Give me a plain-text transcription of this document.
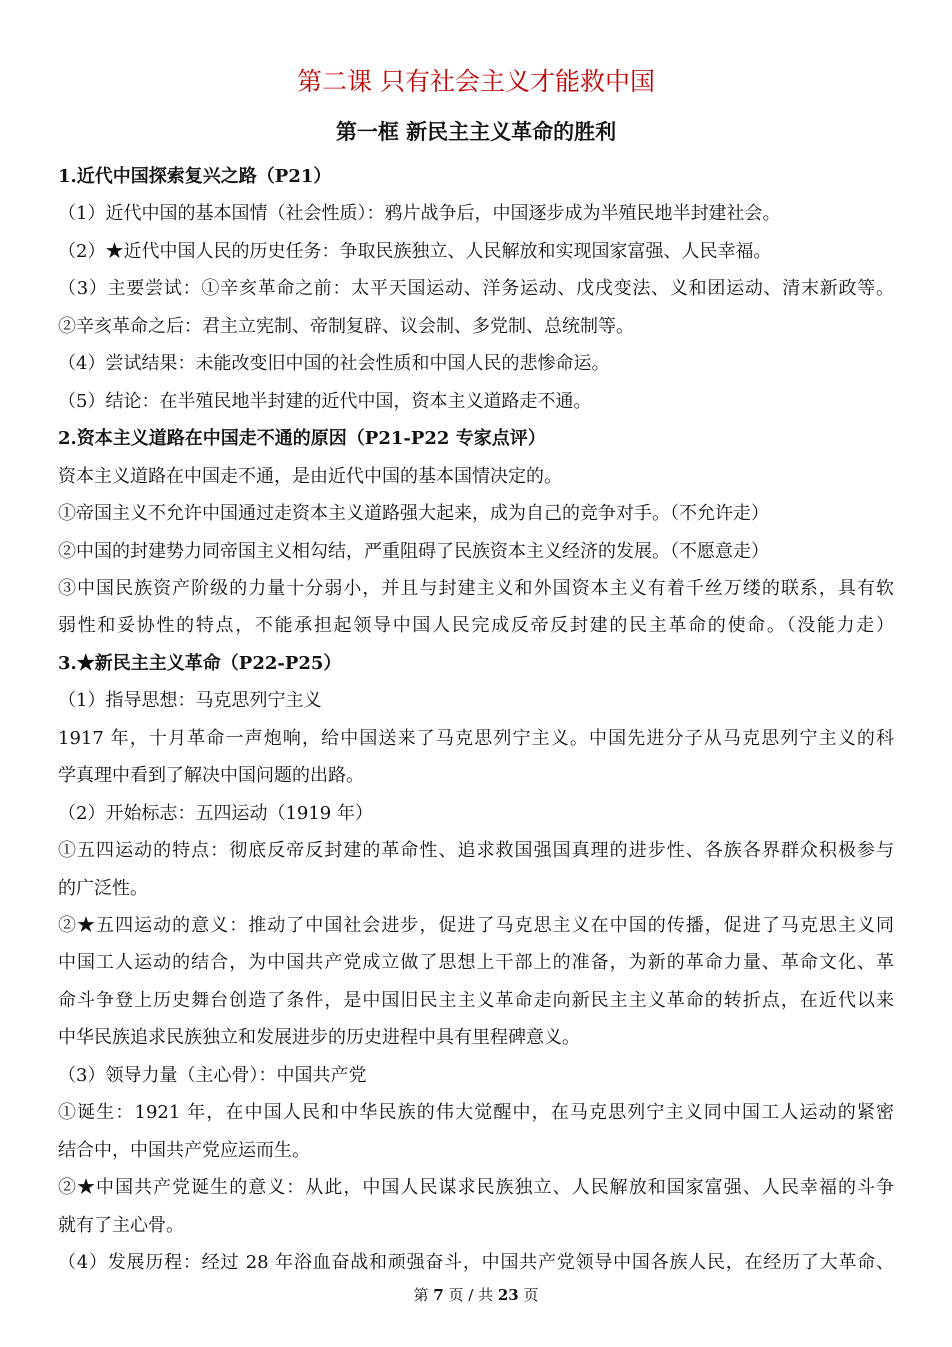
第二课 只有社会主义才能救中国
第一框 新民主主义革命的胜利
1.近代中国探索复兴之路（P21）
（1）近代中国的基本国情（社会性质）：鸦片战争后，中国逐步成为半殖民地半封建社会。
（2）★近代中国人民的历史任务：争取民族独立、人民解放和实现国家富强、人民幸福。
（3）主要尝试：①辛亥革命之前：太平天国运动、洋务运动、戊戌变法、义和团运动、清末新政等。
②辛亥革命之后：君主立宪制、帝制复辟、议会制、多党制、总统制等。
（4）尝试结果：未能改变旧中国的社会性质和中国人民的悲惨命运。
（5）结论：在半殖民地半封建的近代中国，资本主义道路走不通。
2.资本主义道路在中国走不通的原因（P21-P22 专家点评）
资本主义道路在中国走不通，是由近代中国的基本国情决定的。
①帝国主义不允许中国通过走资本主义道路强大起来，成为自己的竞争对手。（不允许走）
②中国的封建势力同帝国主义相勾结，严重阻碍了民族资本主义经济的发展。（不愿意走）
③中国民族资产阶级的力量十分弱小，并且与封建主义和外国资本主义有着千丝万缕的联系，具有软
弱性和妥协性的特点，不能承担起领导中国人民完成反帝反封建的民主革命的使命。（没能力走）
3.★新民主主义革命（P22-P25）
（1）指导思想：马克思列宁主义
1917 年，十月革命一声炮响，给中国送来了马克思列宁主义。中国先进分子从马克思列宁主义的科
学真理中看到了解决中国问题的出路。
（2）开始标志：五四运动（1919 年）
①五四运动的特点：彻底反帝反封建的革命性、追求救国强国真理的进步性、各族各界群众积极参与
的广泛性。
②★五四运动的意义：推动了中国社会进步，促进了马克思主义在中国的传播，促进了马克思主义同
中国工人运动的结合，为中国共产党成立做了思想上干部上的准备，为新的革命力量、革命文化、革
命斗争登上历史舞台创造了条件，是中国旧民主主义革命走向新民主主义革命的转折点，在近代以来
中华民族追求民族独立和发展进步的历史进程中具有里程碑意义。
（3）领导力量（主心骨）：中国共产党
①诞生：1921 年，在中国人民和中华民族的伟大觉醒中，在马克思列宁主义同中国工人运动的紧密
结合中，中国共产党应运而生。
②★中国共产党诞生的意义：从此，中国人民谋求民族独立、人民解放和国家富强、人民幸福的斗争
就有了主心骨。
（4）发展历程：经过 28 年浴血奋战和顽强奋斗，中国共产党领导中国各族人民，在经历了大革命、
第 7 页 / 共 23 页
